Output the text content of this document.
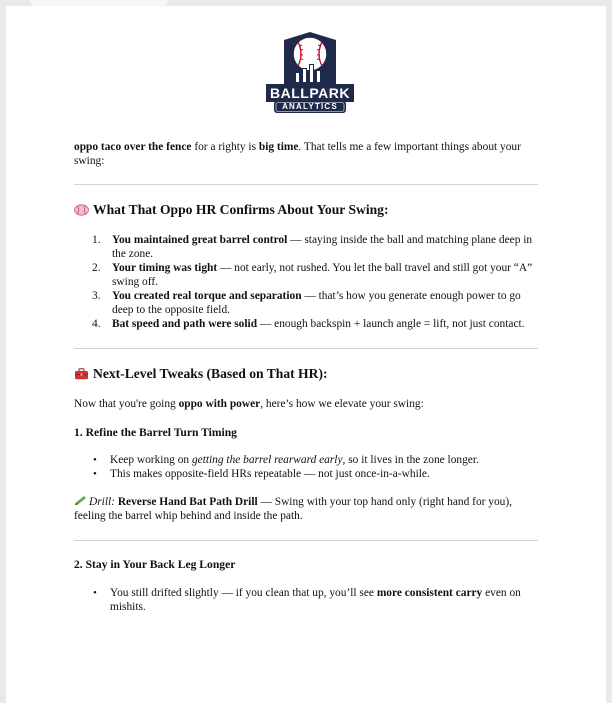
BALLPARK
ANALYTICS

oppo taco over the fence for a righty is big time. That tells me a few important things about your swing:

What That Oppo HR Confirms About Your Swing:
1. You maintained great barrel control — staying inside the ball and matching plane deep in the zone.
2. Your timing was tight — not early, not rushed. You let the ball travel and still got your “A” swing off.
3. You created real torque and separation — that’s how you generate enough power to go deep to the opposite field.
4. Bat speed and path were solid — enough backspin + launch angle = lift, not just contact.
Next-Level Tweaks (Based on That HR):

Now that you're going oppo with power, here’s how we elevate your swing:

1. Refine the Barrel Turn Timing
• Keep working on getting the barrel rearward early, so it lives in the zone longer.
• This makes opposite-field HRs repeatable — not just once-in-a-while.

Drill: Reverse Hand Bat Path Drill — Swing with your top hand only (right hand for you), feeling the barrel whip behind and inside the path.

2. Stay in Your Back Leg Longer
• You still drifted slightly — if you clean that up, you’ll see more consistent carry even on mishits.
